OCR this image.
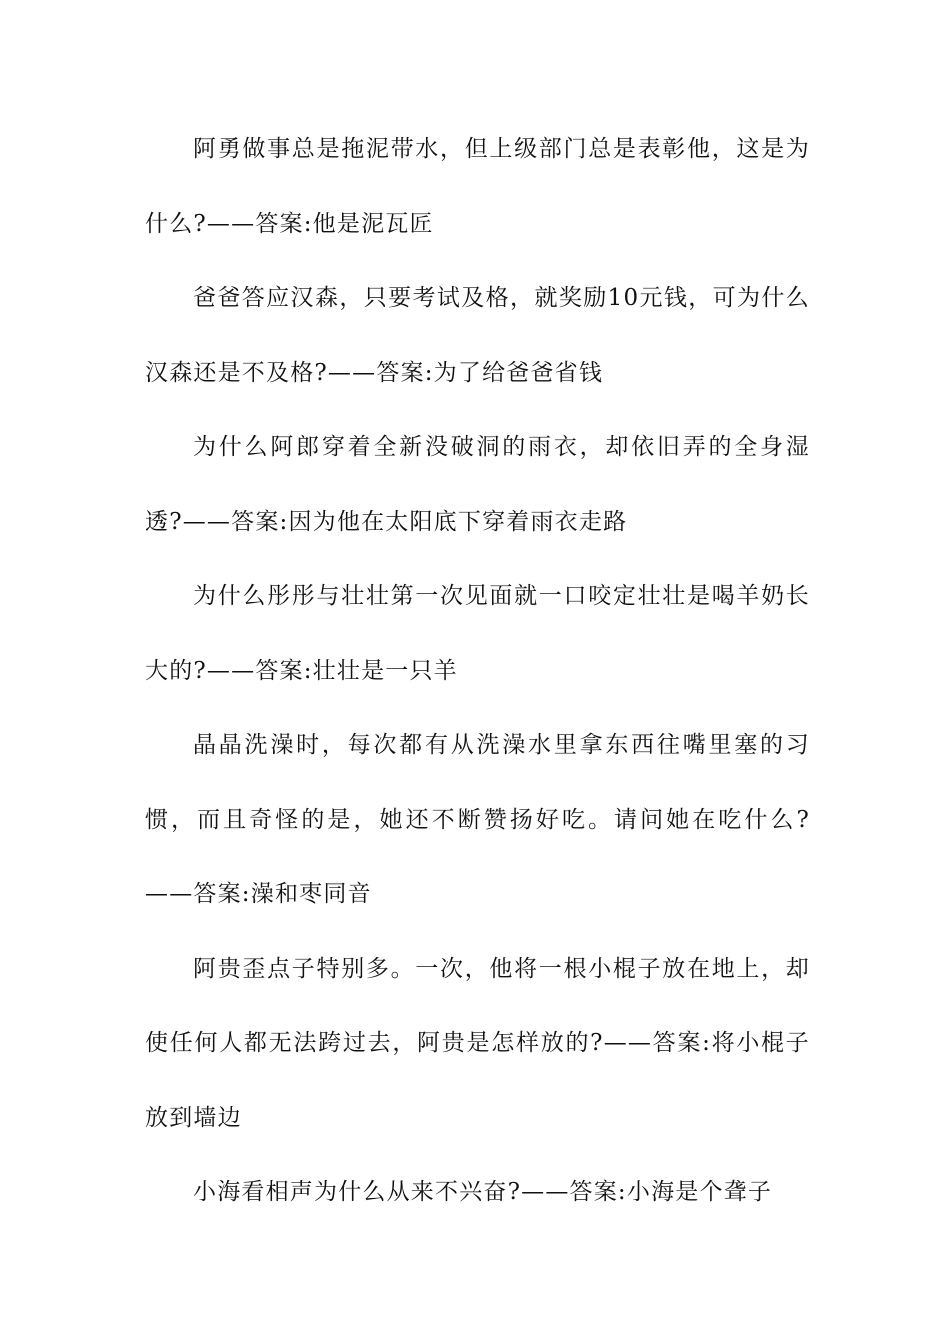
阿勇做事总是拖泥带水，但上级部门总是表彰他，这是为什么?——答案:他是泥瓦匠

爸爸答应汉森，只要考试及格，就奖励10元钱，可为什么汉森还是不及格?——答案:为了给爸爸省钱

为什么阿郎穿着全新没破洞的雨衣，却依旧弄的全身湿透?——答案:因为他在太阳底下穿着雨衣走路

为什么彤彤与壮壮第一次见面就一口咬定壮壮是喝羊奶长大的?——答案:壮壮是一只羊

晶晶洗澡时，每次都有从洗澡水里拿东西往嘴里塞的习惯，而且奇怪的是，她还不断赞扬好吃。请问她在吃什么?——答案:澡和枣同音

阿贵歪点子特别多。一次，他将一根小棍子放在地上，却使任何人都无法跨过去，阿贵是怎样放的?——答案:将小棍子放到墙边

小海看相声为什么从来不兴奋?——答案:小海是个聋子
